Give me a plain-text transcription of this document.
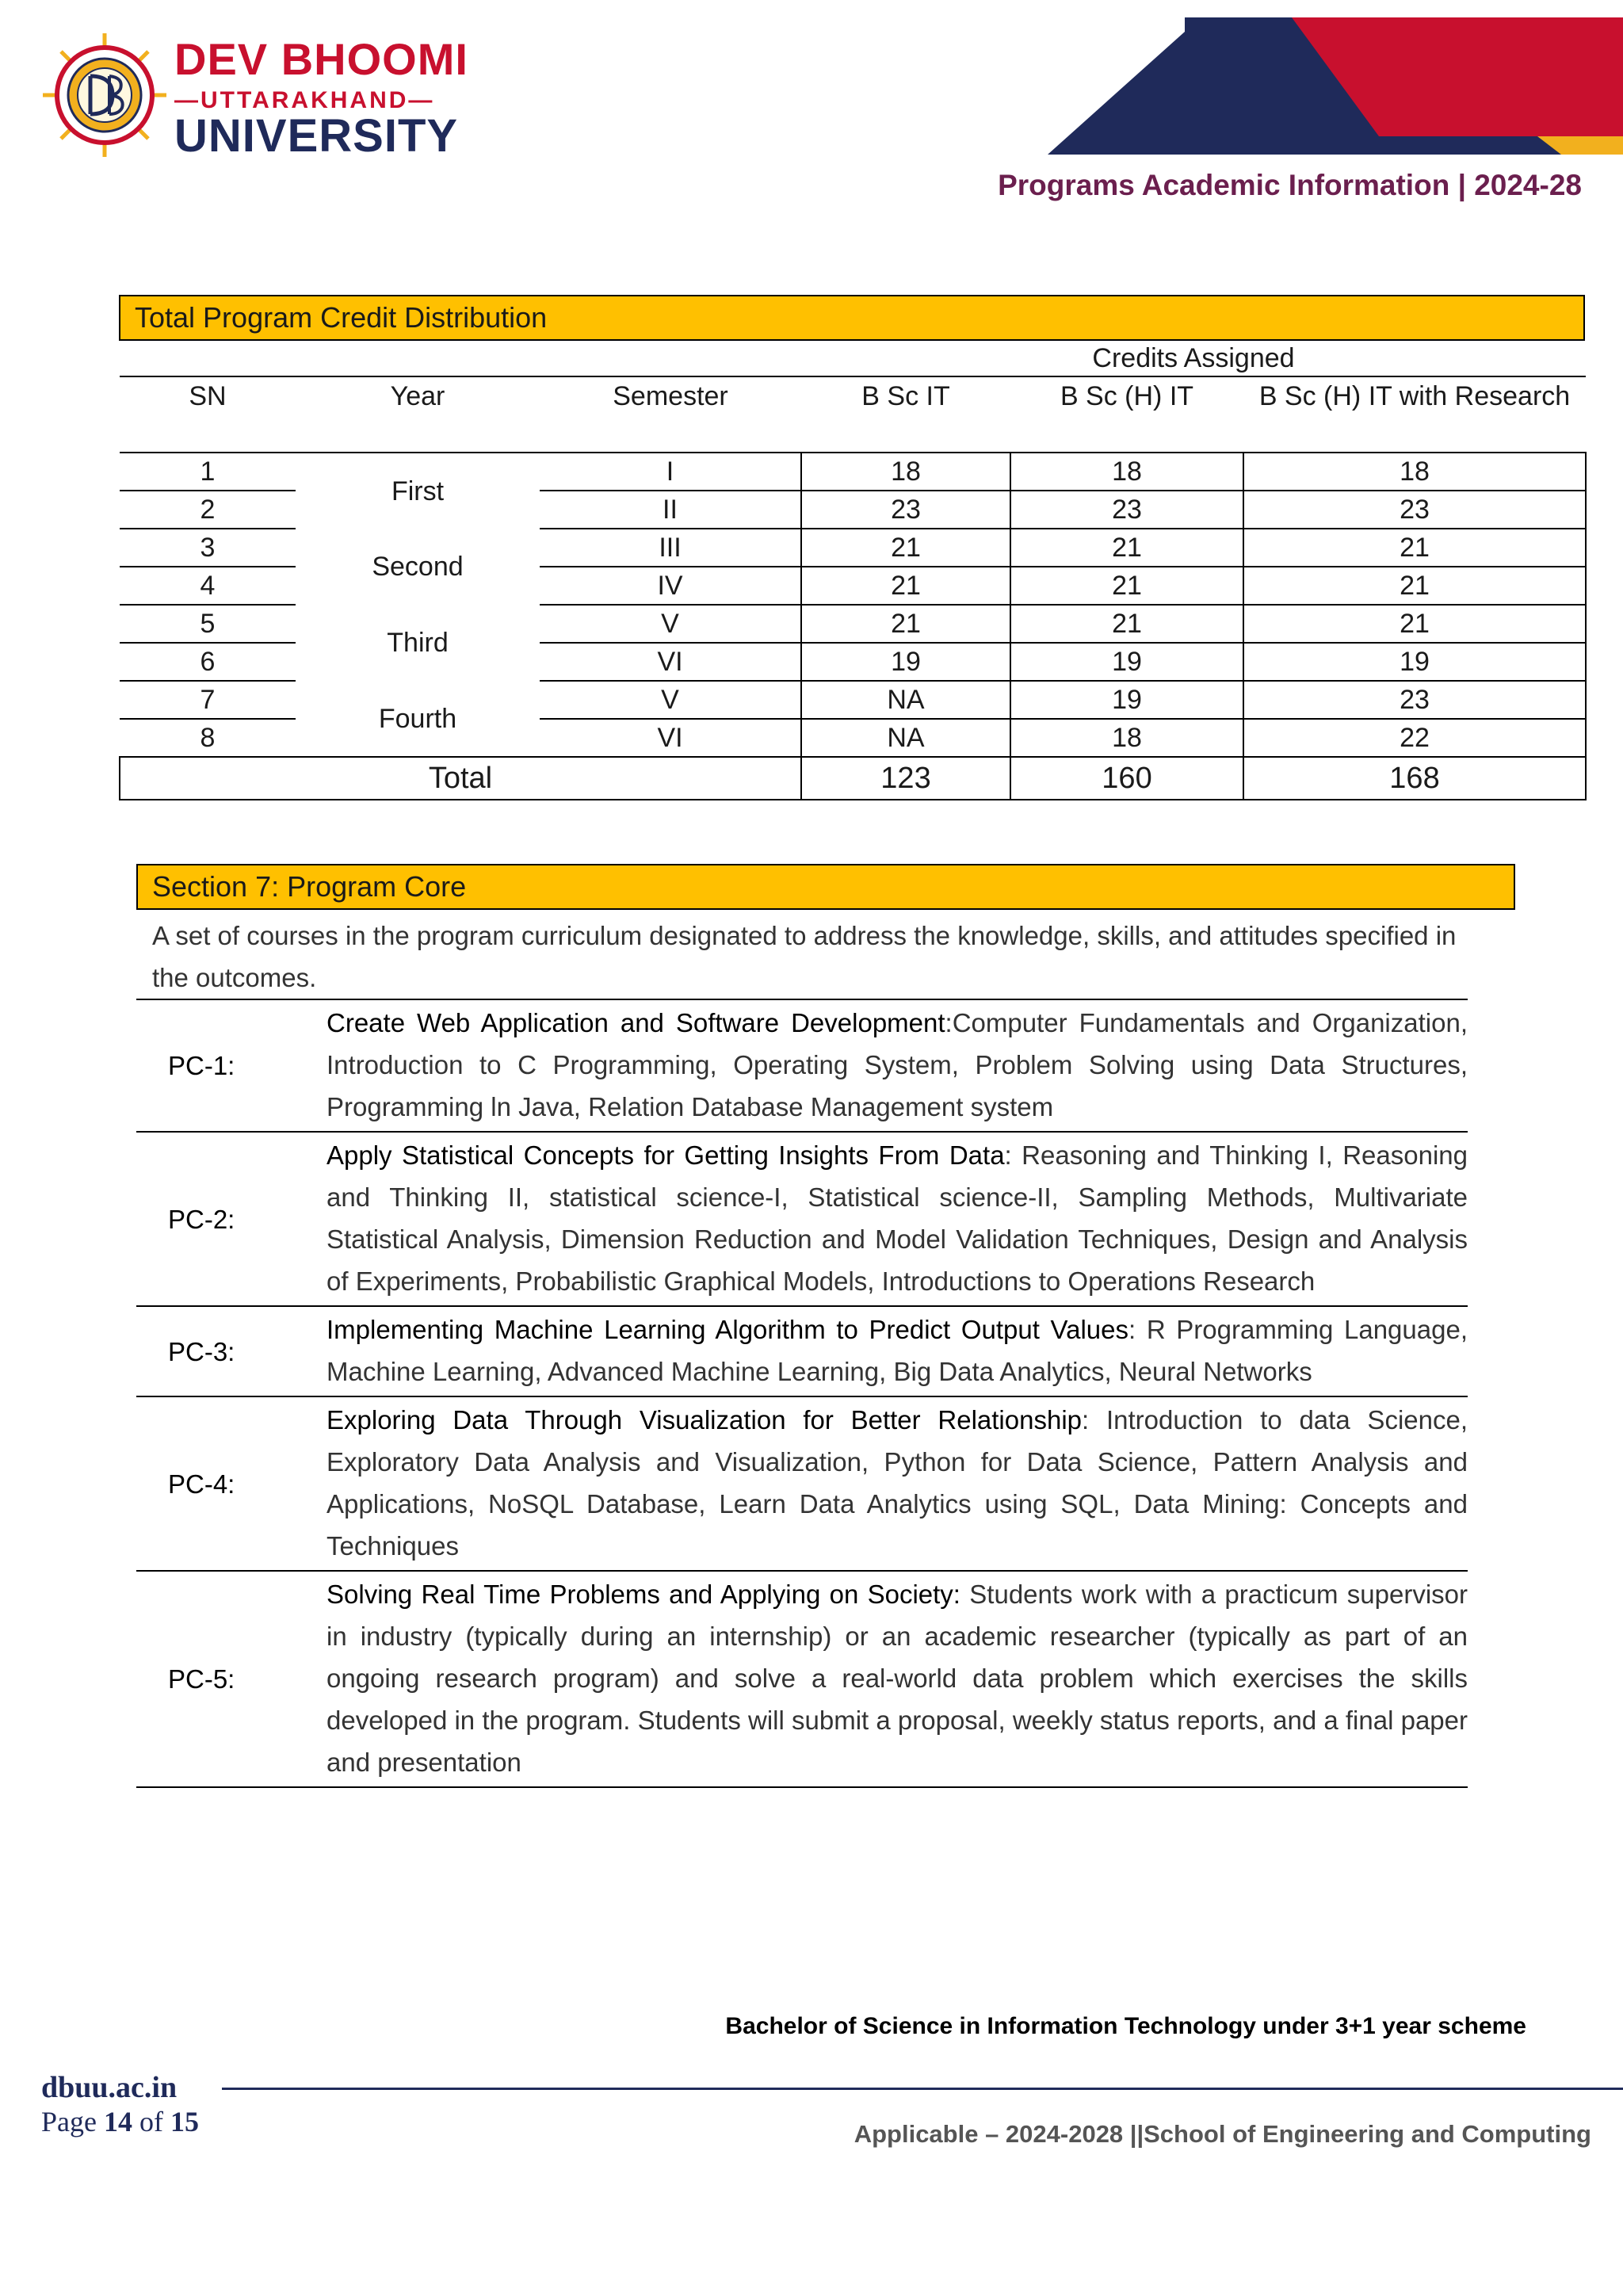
DEV BHOOMI
—UTTARAKHAND—
UNIVERSITY
Programs Academic Information | 2024-28
Total Program Credit Distribution
			Credits Assigned		
SN	Year	Semester	B Sc IT	B Sc (H) IT	B Sc (H) IT with Research
1	First	I	18	18	18
2		II	23	23	23
3	Second	III	21	21	21
4		IV	21	21	21
5	Third	V	21	21	21
6		VI	19	19	19
7	Fourth	V	NA	19	23
8		VI	NA	18	22
Total			123	160	168
Section 7: Program Core
A set of courses in the program curriculum designated to address the knowledge, skills, and attitudes specified in the outcomes.
PC-1:	Create Web Application and Software Development:Computer Fundamentals and Organization, Introduction to C Programming, Operating System, Problem Solving using Data Structures, Programming ln Java, Relation Database Management system
PC-2:	Apply Statistical Concepts for Getting Insights From Data: Reasoning and Thinking I, Reasoning and Thinking II, statistical science-I, Statistical science-II, Sampling Methods, Multivariate Statistical Analysis, Dimension Reduction and Model Validation Techniques, Design and Analysis of Experiments, Probabilistic Graphical Models, Introductions to Operations Research
PC-3:	Implementing Machine Learning Algorithm to Predict Output Values: R Programming Language, Machine Learning, Advanced Machine Learning, Big Data Analytics, Neural Networks
PC-4:	Exploring Data Through Visualization for Better Relationship: Introduction to data Science, Exploratory Data Analysis and Visualization, Python for Data Science, Pattern Analysis and Applications, NoSQL Database, Learn Data Analytics using SQL, Data Mining: Concepts and Techniques
PC-5:	Solving Real Time Problems and Applying on Society: Students work with a practicum supervisor in industry (typically during an internship) or an academic researcher (typically as part of an ongoing research program) and solve a real-world data problem which exercises the skills developed in the program. Students will submit a proposal, weekly status reports, and a final paper and presentation
Bachelor of Science in Information Technology under 3+1 year scheme
dbuu.ac.in
Page 14 of 15	Applicable – 2024-2028 ||School of Engineering and Computing
